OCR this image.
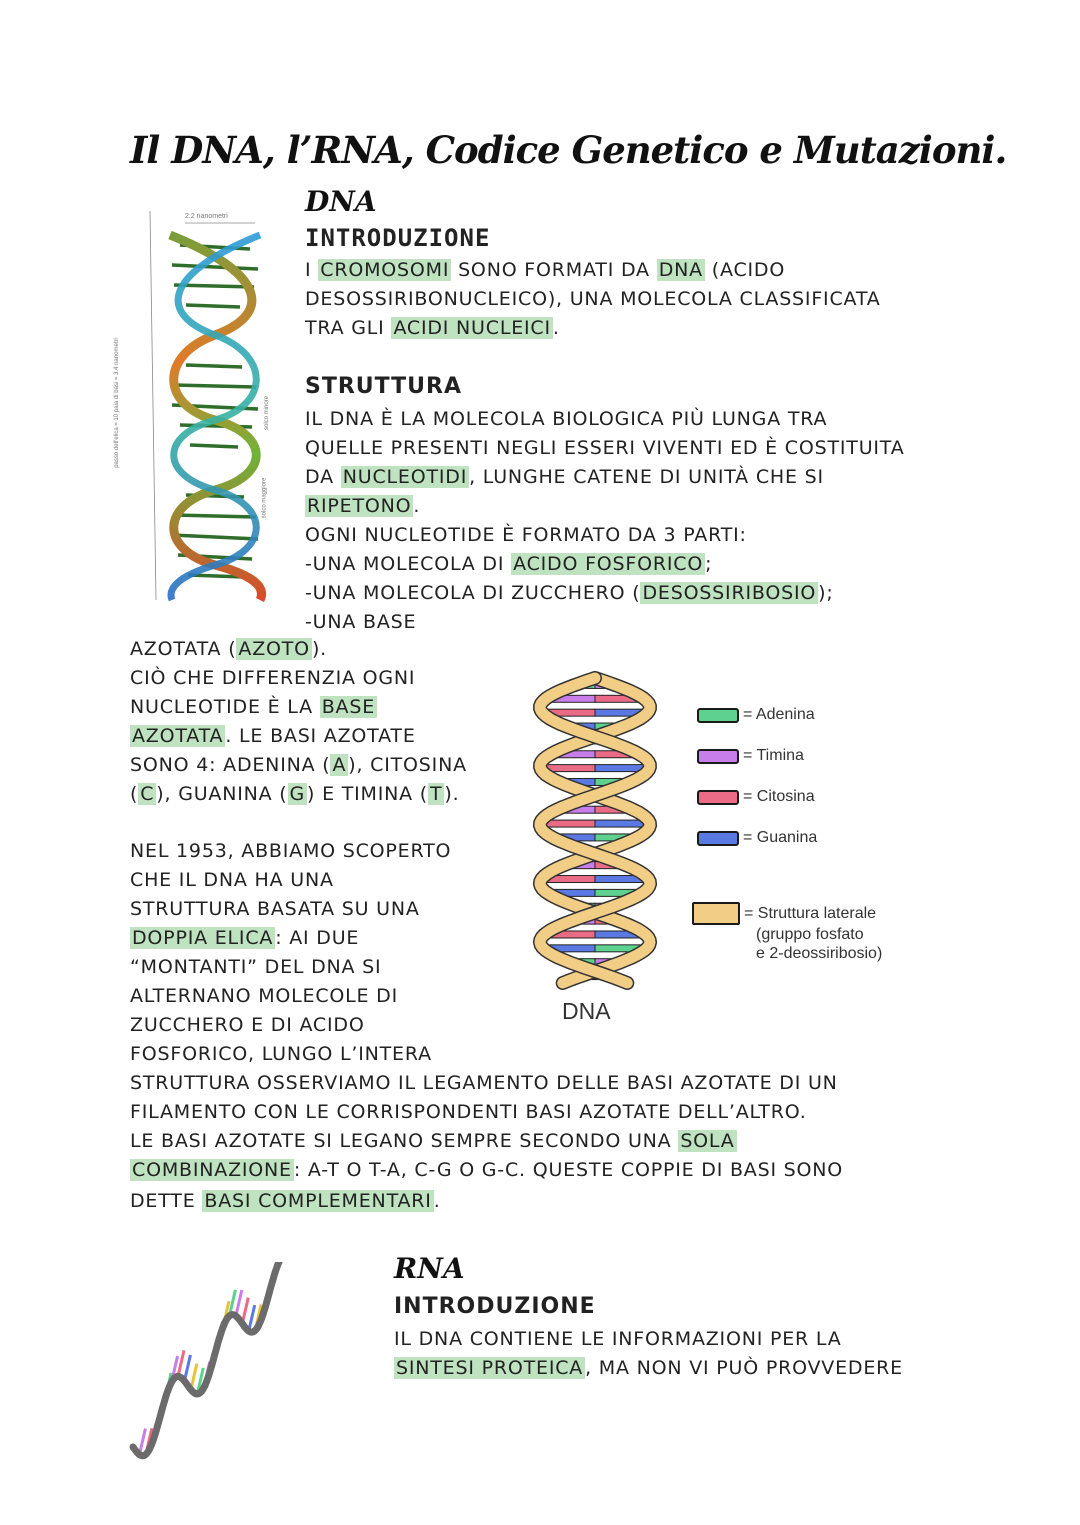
Il DNA, l’RNA, Codice Genetico e Mutazioni.
DNA
2.2 nanometri
passo dell'elica = 10 paia di basi = 3.4 nanometri	solco minore
solco maggiore
INTRODUZIONE
I CROMOSOMI SONO FORMATI DA DNA (ACIDO
DESOSSIRIBONUCLEICO), UNA MOLECOLA CLASSIFICATA
TRA GLI ACIDI NUCLEICI .
STRUTTURA
IL DNA È LA MOLECOLA BIOLOGICA PIÙ LUNGA TRA
QUELLE PRESENTI NEGLI ESSERI VIVENTI ED È COSTITUITA
DA NUCLEOTIDI , LUNGHE CATENE DI UNITÀ CHE SI
RIPETONO .
OGNI NUCLEOTIDE È FORMATO DA 3 PARTI:
-UNA MOLECOLA DI ACIDO FOSFORICO ;
-UNA MOLECOLA DI ZUCCHERO ( DESOSSIRIBOSIO );
-UNA BASE
AZOTATA ( AZOTO ).
CIÒ CHE DIFFERENZIA OGNI
NUCLEOTIDE È LA BASE
AZOTATA . LE BASI AZOTATE
SONO 4: ADENINA ( A ), CITOSINA
( C ), GUANINA ( G ) E TIMINA ( T ).
NEL 1953, ABBIAMO SCOPERTO
CHE IL DNA HA UNA
STRUTTURA BASATA SU UNA
DOPPIA ELICA : AI DUE
“MONTANTI” DEL DNA SI
ALTERNANO MOLECOLE DI
ZUCCHERO E DI ACIDO
FOSFORICO, LUNGO L’INTERA
STRUTTURA OSSERVIAMO IL LEGAMENTO DELLE BASI AZOTATE DI UN
FILAMENTO CON LE CORRISPONDENTI BASI AZOTATE DELL’ALTRO.
LE BASI AZOTATE SI LEGANO SEMPRE SECONDO UNA SOLA
COMBINAZIONE : A-T O T-A, C-G O G-C. QUESTE COPPIE DI BASI SONO
DETTE BASI COMPLEMENTARI .
DNA
= Adenina
= Timina
= Citosina
= Guanina
= Struttura laterale
(gruppo fosfato
e 2-deossiribosio)
RNA
INTRODUZIONE
IL DNA CONTIENE LE INFORMAZIONI PER LA
SINTESI PROTEICA , MA NON VI PUÒ PROVVEDERE
